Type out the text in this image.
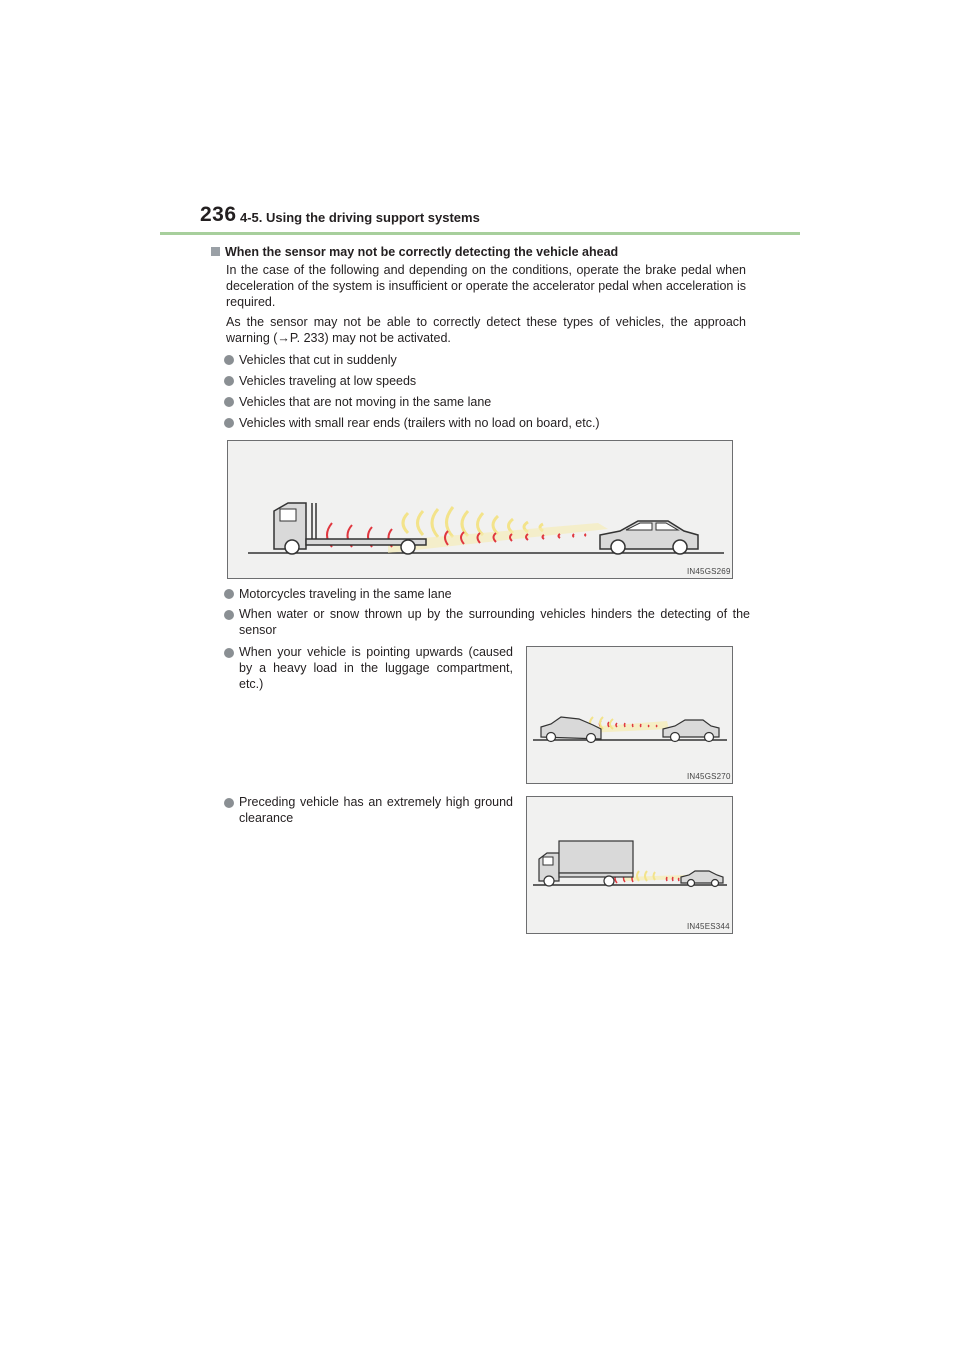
236 4-5. Using the driving support systems
When the sensor may not be correctly detecting the vehicle ahead
In the case of the following and depending on the conditions, operate the brake pedal when deceleration of the system is insufficient or operate the accelerator pedal when acceleration is required.
As the sensor may not be able to correctly detect these types of vehicles, the approach warning (→P. 233) may not be activated.
Vehicles that cut in suddenly
Vehicles traveling at low speeds
Vehicles that are not moving in the same lane
Vehicles with small rear ends (trailers with no load on board, etc.)
IN45GS269
Motorcycles traveling in the same lane
When water or snow thrown up by the surrounding vehicles hinders the detecting of the sensor
When your vehicle is pointing upwards (caused by a heavy load in the luggage compartment, etc.)
IN45GS270
Preceding vehicle has an extremely high ground clearance
IN45ES344
